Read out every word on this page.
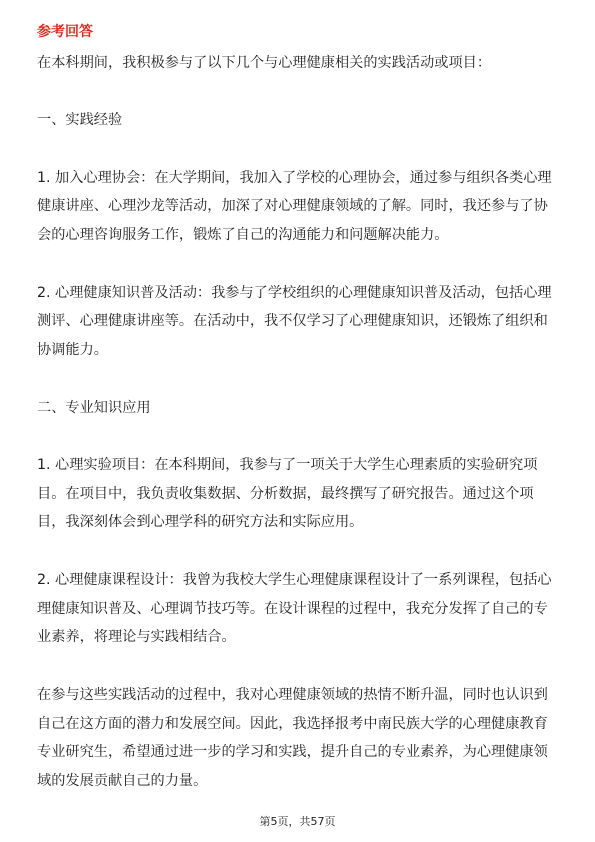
参考回答
在本科期间，我积极参与了以下几个与心理健康相关的实践活动或项目：
一、实践经验
1. 加入心理协会：在大学期间，我加入了学校的心理协会，通过参与组织各类心理
健康讲座、心理沙龙等活动，加深了对心理健康领域的了解。同时，我还参与了协
会的心理咨询服务工作，锻炼了自己的沟通能力和问题解决能力。
2. 心理健康知识普及活动：我参与了学校组织的心理健康知识普及活动，包括心理
测评、心理健康讲座等。在活动中，我不仅学习了心理健康知识，还锻炼了组织和
协调能力。
二、专业知识应用
1. 心理实验项目：在本科期间，我参与了一项关于大学生心理素质的实验研究项
目。在项目中，我负责收集数据、分析数据，最终撰写了研究报告。通过这个项
目，我深刻体会到心理学科的研究方法和实际应用。
2. 心理健康课程设计：我曾为我校大学生心理健康课程设计了一系列课程，包括心
理健康知识普及、心理调节技巧等。在设计课程的过程中，我充分发挥了自己的专
业素养，将理论与实践相结合。
在参与这些实践活动的过程中，我对心理健康领域的热情不断升温，同时也认识到
自己在这方面的潜力和发展空间。因此，我选择报考中南民族大学的心理健康教育
专业研究生，希望通过进一步的学习和实践，提升自己的专业素养，为心理健康领
域的发展贡献自己的力量。
第5页，共57页
